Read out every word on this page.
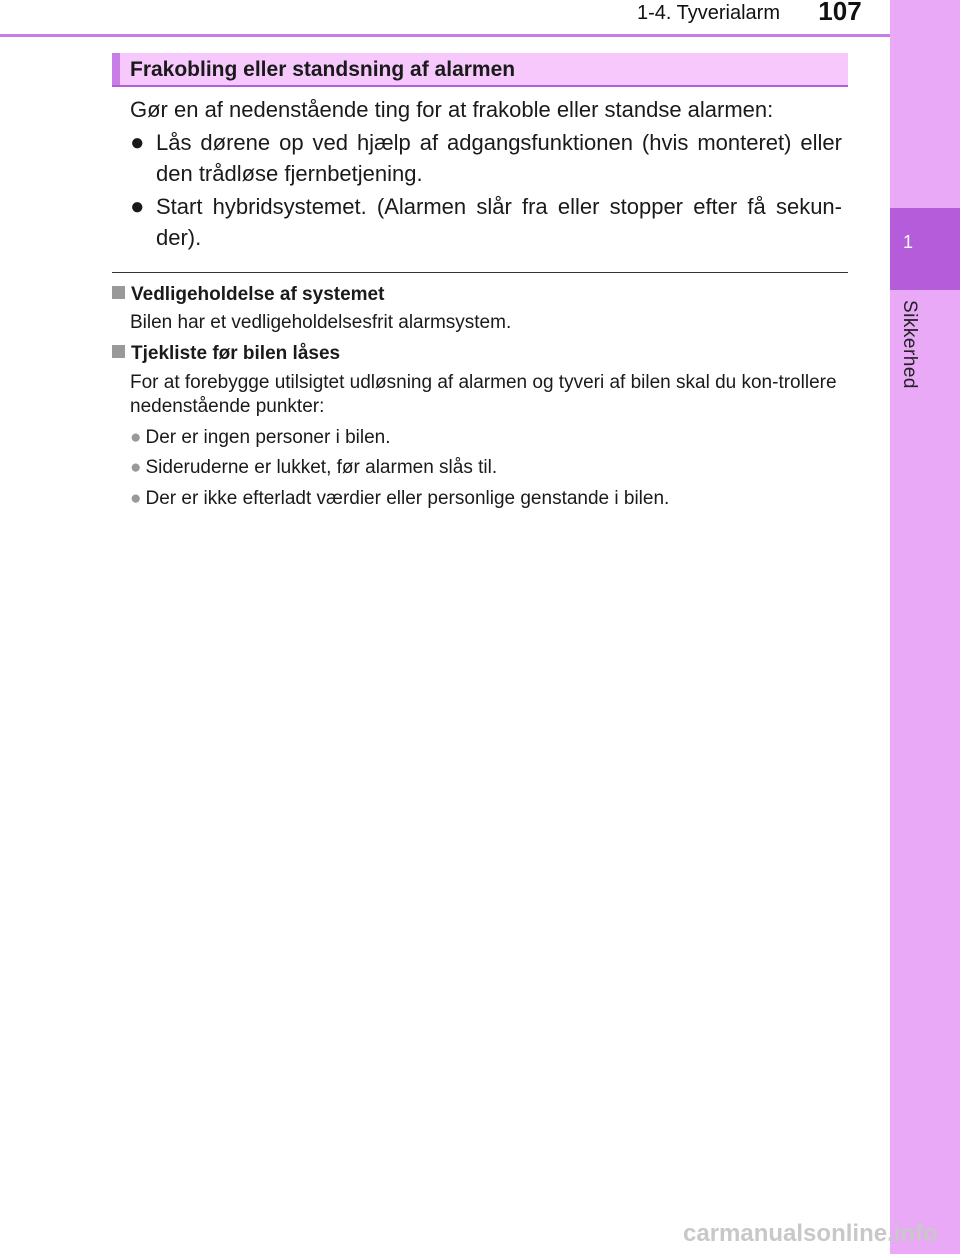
1-4. Tyverialarm	107
1
Sikkerhed
Frakobling eller standsning af alarmen
Gør en af nedenstående ting for at frakoble eller standse alarmen:
● Lås dørene op ved hjælp af adgangsfunktionen (hvis monteret) eller den trådløse fjernbetjening.
● Start hybridsystemet. (Alarmen slår fra eller stopper efter få sekun-der).
Vedligeholdelse af systemet
Bilen har et vedligeholdelsesfrit alarmsystem.
Tjekliste før bilen låses
For at forebygge utilsigtet udløsning af alarmen og tyveri af bilen skal du kon-trollere nedenstående punkter:
● Der er ingen personer i bilen.
● Sideruderne er lukket, før alarmen slås til.
● Der er ikke efterladt værdier eller personlige genstande i bilen.
carmanualsonline.info
